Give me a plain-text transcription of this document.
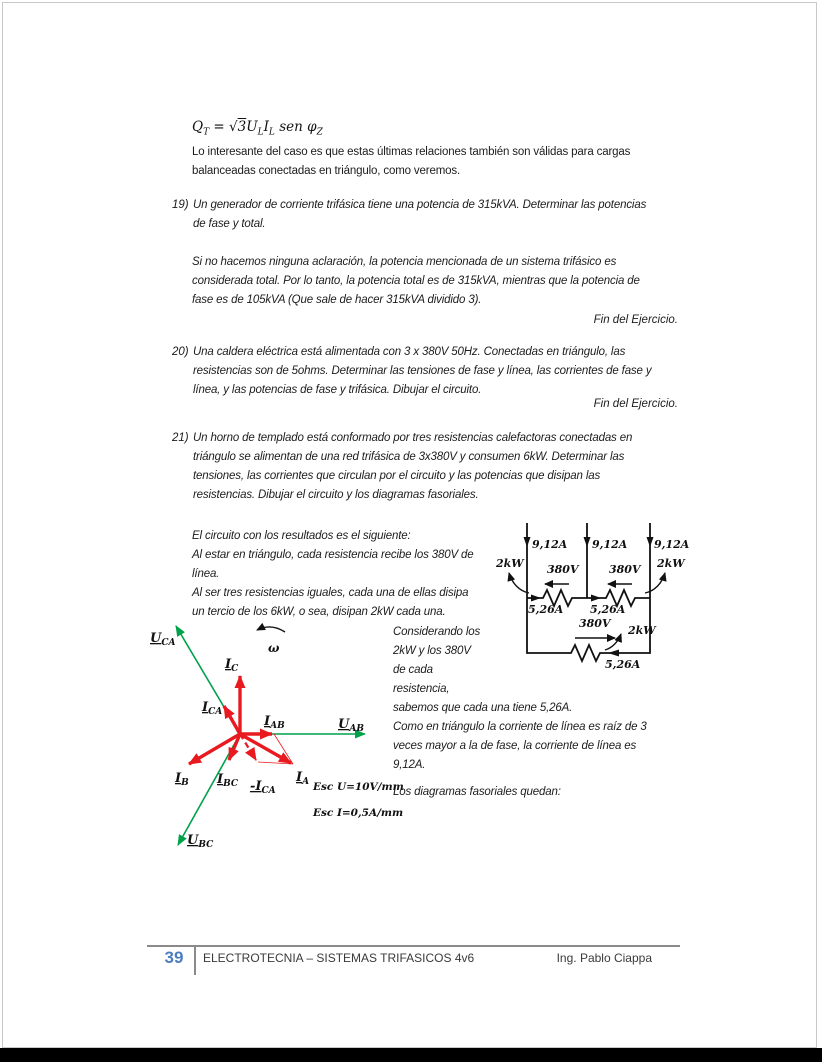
$Q_T = √3U_LI_L$ sen $\varphi_Z$
Lo interesante del caso es que estas últimas relaciones también son válidas para cargas
balanceadas conectadas en triángulo, como veremos.
19) Un generador de corriente trifásica tiene una potencia de 315kVA. Determinar las potencias
de fase y total.
Si no hacemos ninguna aclaración, la potencia mencionada de un sistema trifásico es
considerada total. Por lo tanto, la potencia total es de 315kVA, mientras que la potencia de
fase es de 105kVA (Que sale de hacer 315kVA dividido 3).
Fin del Ejercicio.
20) Una caldera eléctrica está alimentada con 3 x 380V 50Hz. Conectadas en triángulo, las
resistencias son de 5ohms. Determinar las tensiones de fase y línea, las corrientes de fase y
línea, y las potencias de fase y trifásica. Dibujar el circuito.
Fin del Ejercicio.
21) Un horno de templado está conformado por tres resistencias calefactoras conectadas en
triángulo se alimentan de una red trifásica de 3x380V y consumen 6kW. Determinar las
tensiones, las corrientes que circulan por el circuito y las potencias que disipan las
resistencias. Dibujar el circuito y los diagramas fasoriales.
El circuito con los resultados es el siguiente:
Al estar en triángulo, cada resistencia recibe los 380V de
línea.
Al ser tres resistencias iguales, cada una de ellas disipa
un tercio de los 6kW, o sea, disipan 2kW cada una.
Considerando los
2kW y los 380V
de cada
resistencia,
sabemos que cada una tiene 5,26A.
Como en triángulo la corriente de línea es raíz de 3
veces mayor a la de fase, la corriente de línea es
9,12A.
Los diagramas fasoriales quedan:
9,12A 9,12A 9,12A
5,26A 5,26A
380V	380V
2kW	2kW
380V
2kW
5,26A
ω
$U_{CA}$
$U_{AB}$
$U_{BC}$
$I_C$
$I_{CA}$
$I_{AB}$
$I_B$ $I_{BC}$	$I_A$
$-I_{CA}$	Esc U=10V/mm
Esc I=0,5A/mm
39	ELECTROTECNIA – SISTEMAS TRIFASICOS 4v6	Ing. Pablo Ciappa
